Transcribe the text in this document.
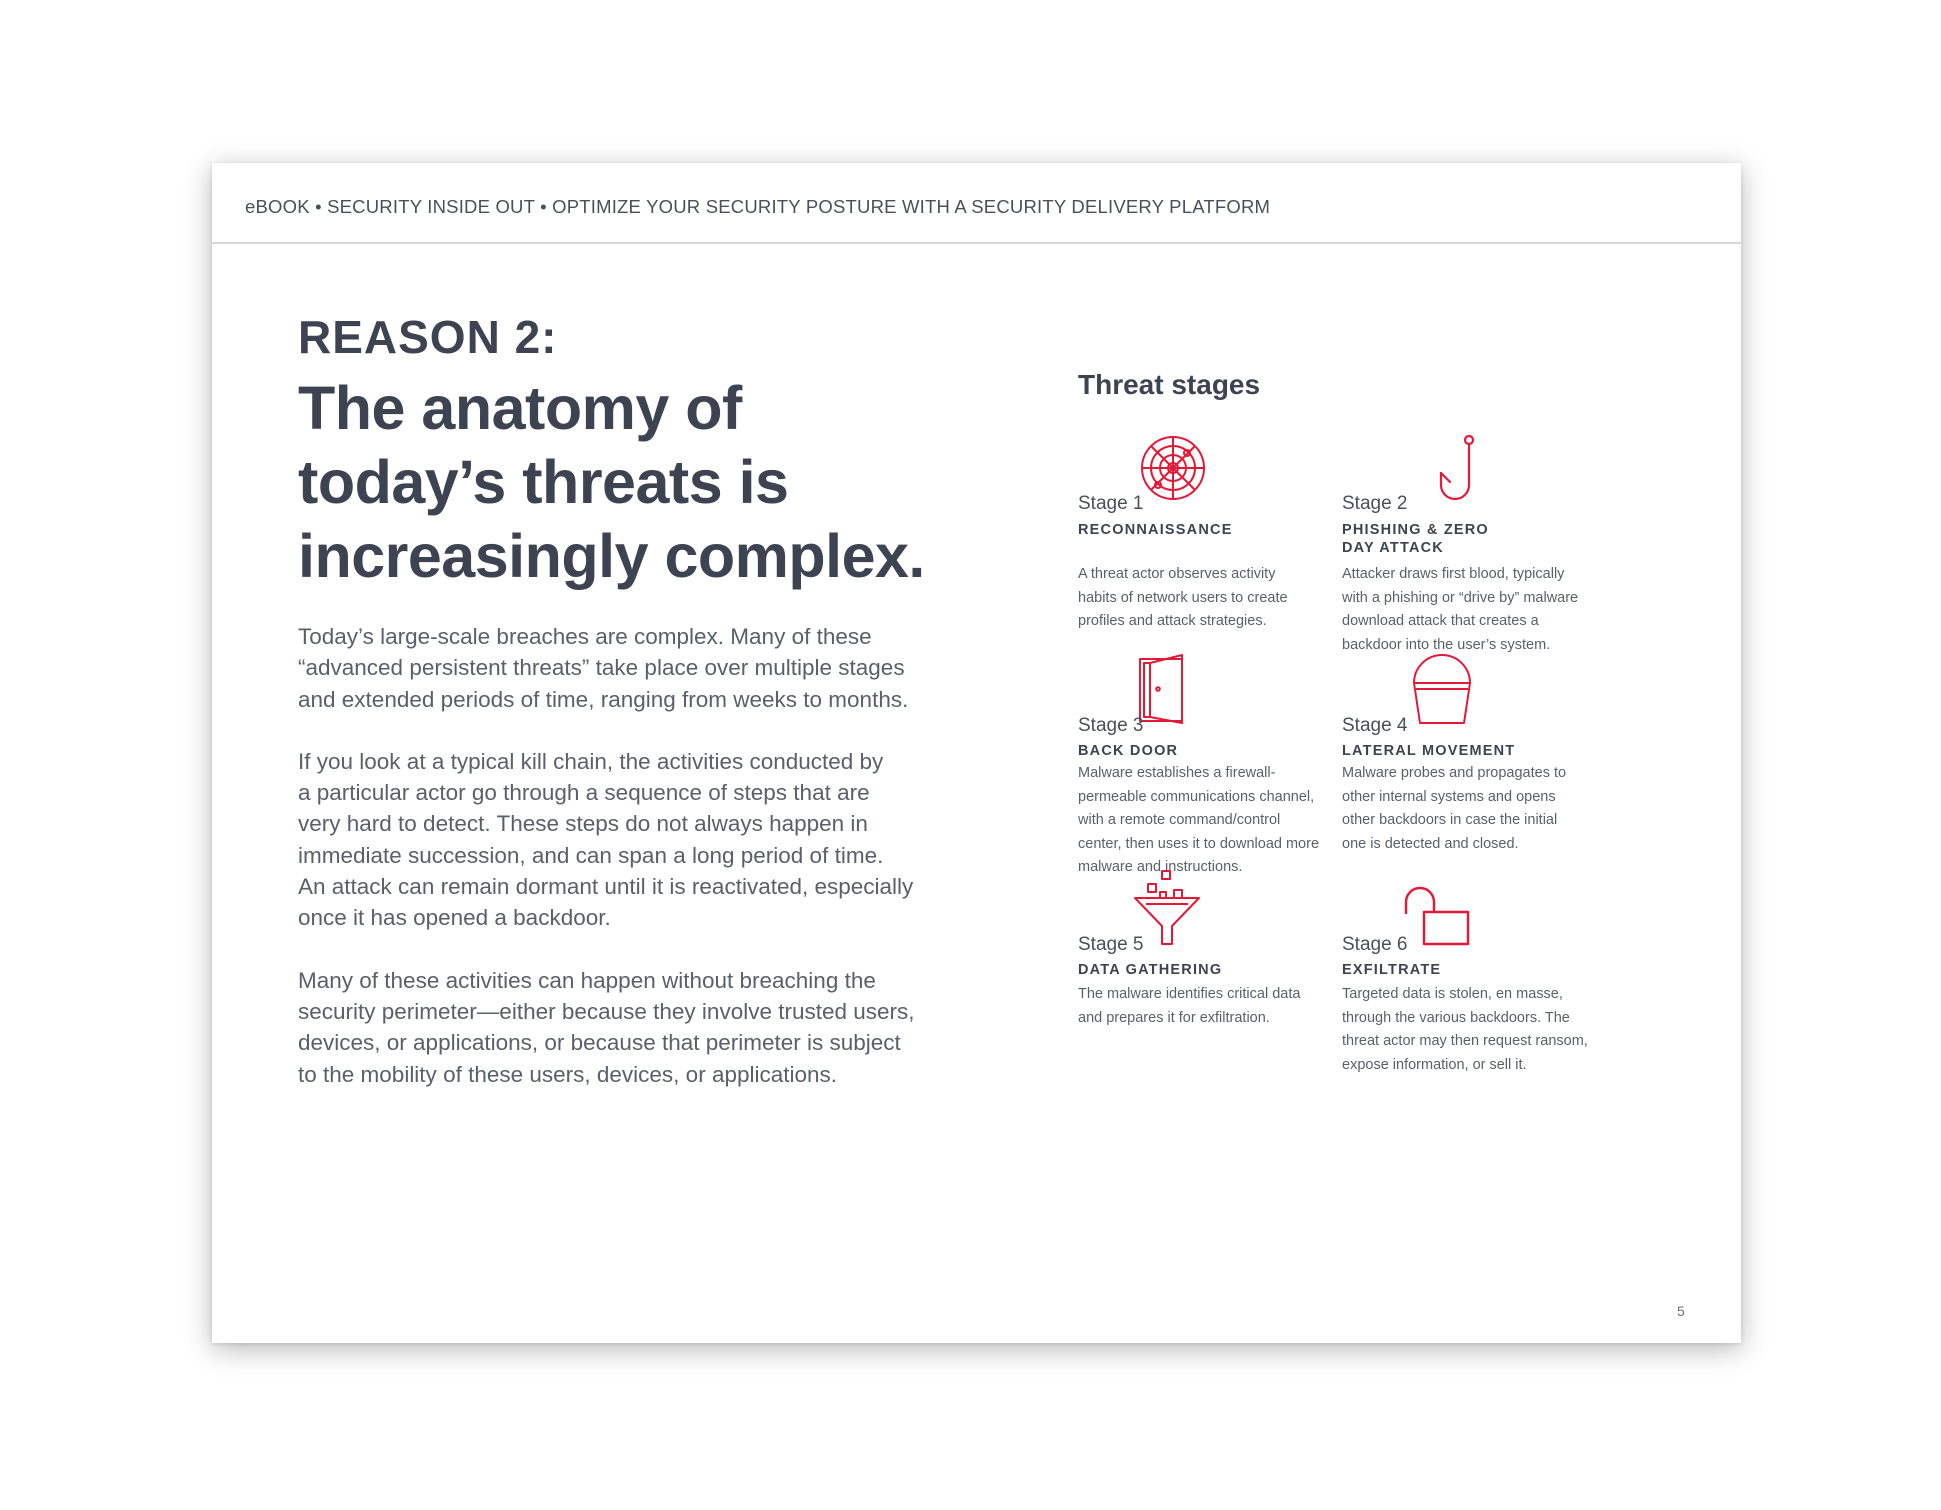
eBOOK • SECURITY INSIDE OUT • OPTIMIZE YOUR SECURITY POSTURE WITH A SECURITY DELIVERY PLATFORM
REASON 2:
The anatomy of
today’s threats is
increasingly complex.

Today’s large-scale breaches are complex. Many of these
“advanced persistent threats” take place over multiple stages
and extended periods of time, ranging from weeks to months.

If you look at a typical kill chain, the activities conducted by
a particular actor go through a sequence of steps that are
very hard to detect. These steps do not always happen in
immediate succession, and can span a long period of time.
An attack can remain dormant until it is reactivated, especially
once it has opened a backdoor.

Many of these activities can happen without breaching the
security perimeter—either because they involve trusted users,
devices, or applications, or because that perimeter is subject
to the mobility of these users, devices, or applications.

Threat stages
Stage 1
RECONNAISSANCE
A threat actor observes activity
habits of network users to create
profiles and attack strategies.
Stage 2
PHISHING & ZERO
DAY ATTACK
Attacker draws first blood, typically
with a phishing or “drive by” malware
download attack that creates a
backdoor into the user’s system.
Stage 3
BACK DOOR
Malware establishes a firewall-
permeable communications channel,
with a remote command/control
center, then uses it to download more
malware and instructions.
Stage 4
LATERAL MOVEMENT
Malware probes and propagates to
other internal systems and opens
other backdoors in case the initial
one is detected and closed.
Stage 5
DATA GATHERING
The malware identifies critical data
and prepares it for exfiltration.
Stage 6
EXFILTRATE
Targeted data is stolen, en masse,
through the various backdoors. The
threat actor may then request ransom,
expose information, or sell it.
5
